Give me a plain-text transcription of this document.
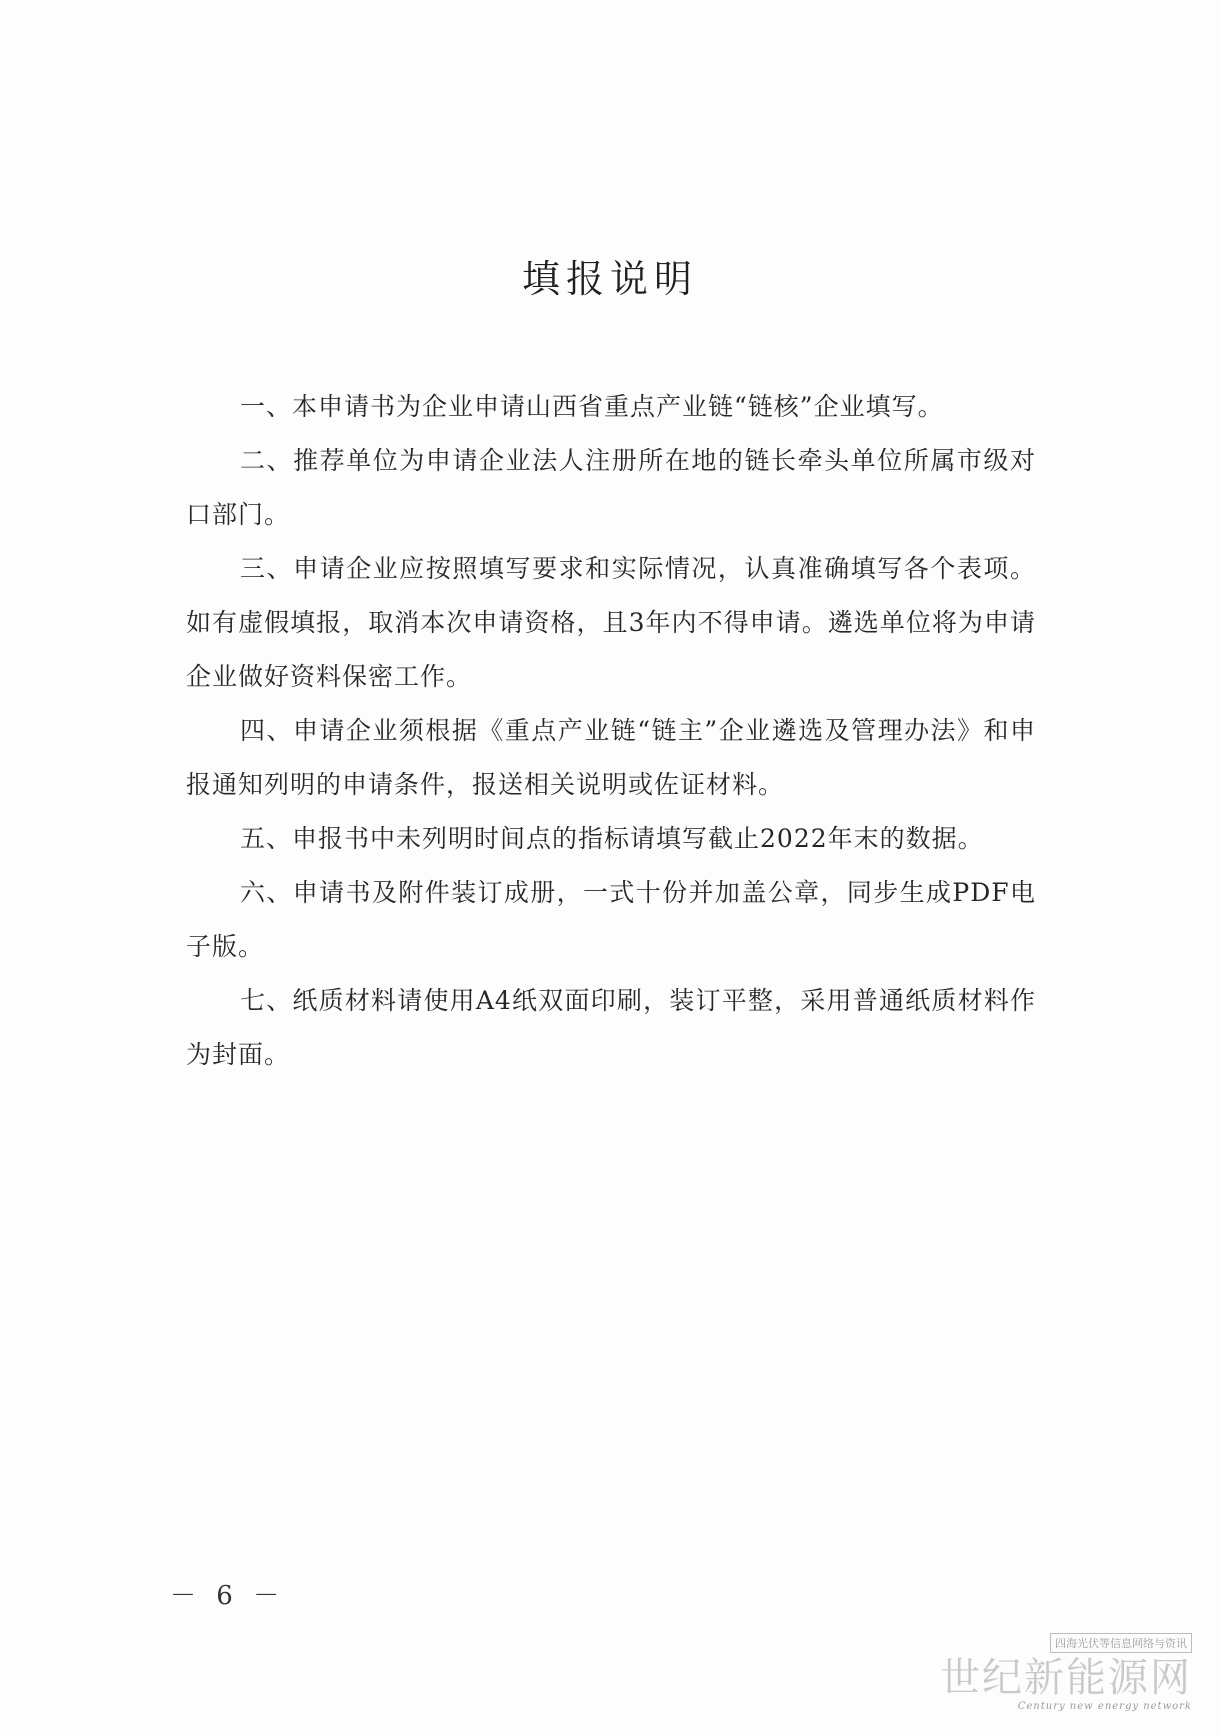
填报说明

一、本申请书为企业申请山西省重点产业链“链核”企业填写。

二、推荐单位为申请企业法人注册所在地的链长牵头单位所属市级对口部门。

三、申请企业应按照填写要求和实际情况，认真准确填写各个表项。如有虚假填报，取消本次申请资格，且3年内不得申请。遴选单位将为申请企业做好资料保密工作。

四、申请企业须根据《重点产业链“链主”企业遴选及管理办法》和申报通知列明的申请条件，报送相关说明或佐证材料。

五、申报书中未列明时间点的指标请填写截止2022年末的数据。

六、申请书及附件装订成册，一式十份并加盖公章，同步生成PDF电子版。

七、纸质材料请使用A4纸双面印刷，装订平整，采用普通纸质材料作为封面。

－ 6 －
四海光伏等信息网络与资讯
世纪新能源网
Century new energy network
